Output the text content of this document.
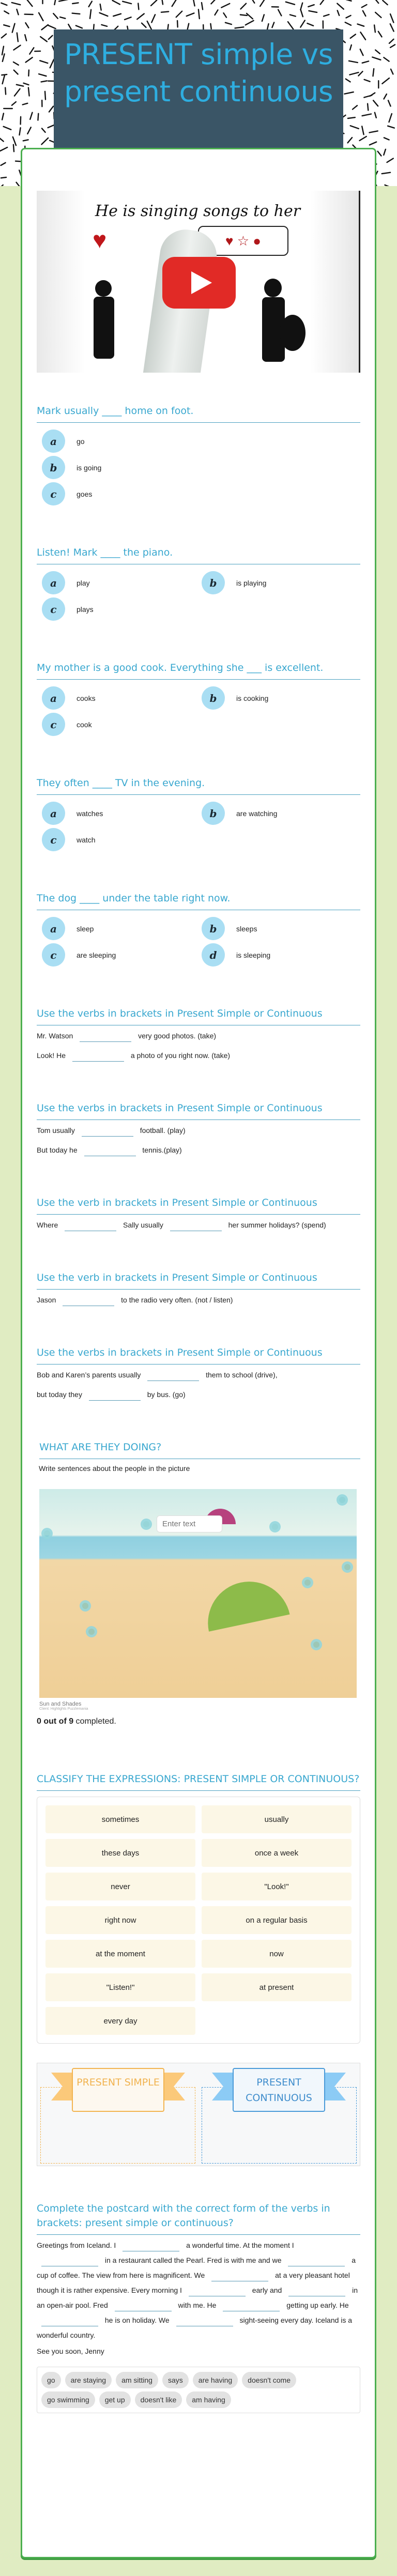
PRESENT simple vs present continuous
He is singing songs to her
♥	♥ ☆ ●
Mark usually ____ home on foot.
a	go
b	is going
c	goes
Listen! Mark ____ the piano.
a	play	b	is playing
c	plays
My mother is a good cook. Everything she ___ is excellent.
a	cooks	b	is cooking
c	cook
They often ____ TV in the evening.
a	watches	b	are watching
c	watch
The dog ____ under the table right now.
a	sleep	b	sleeps
c	are sleeping	d	is sleeping
Use the verbs in brackets in Present Simple or Continuous
Mr. Watson	very good photos. (take)
Look! He	a photo of you right now. (take)
Use the verbs in brackets in Present Simple or Continuous
Tom usually	football. (play)
But today he	tennis.(play)
Use the verb in brackets in Present Simple or Continuous
Where	Sally usually	her summer holidays? (spend)
Use the verb in brackets in Present Simple or Continuous
Jason	to the radio very often. (not / listen)
Use the verbs in brackets in Present Simple or Continuous
Bob and Karen’s parents usually	them to school (drive),
but today they	by bus. (go)
WHAT ARE THEY DOING?
Write sentences about the people in the picture
Enter text
Sun and Shades
Client: Highlights Puzzlemania
0 out of 9 completed.
CLASSIFY THE EXPRESSIONS: PRESENT SIMPLE OR CONTINUOUS?
sometimes	usually
these days	once a week
never	"Look!"
right now	on a regular basis
at the moment	now
"Listen!"	at present
every day
PRESENT SIMPLE	PRESENT CONTINUOUS
Complete the postcard with the correct form of the verbs in brackets: present simple or continuous?
Greetings from Iceland. I	a wonderful time. At the moment I  in a restaurant called the Pearl. Fred is with me and we	a cup of coffee. The view from here is magnificent. We	at a very pleasant hotel though it is rather expensive. Every morning I	early and	in an open-air pool. Fred	with me. He	getting up early. He  he is on holiday. We	sight-seeing every day. Iceland is a wonderful country.
See you soon, Jenny
go	are staying	am sitting	says	are having	doesn't come
go swimming	get up	doesn't like	am having
